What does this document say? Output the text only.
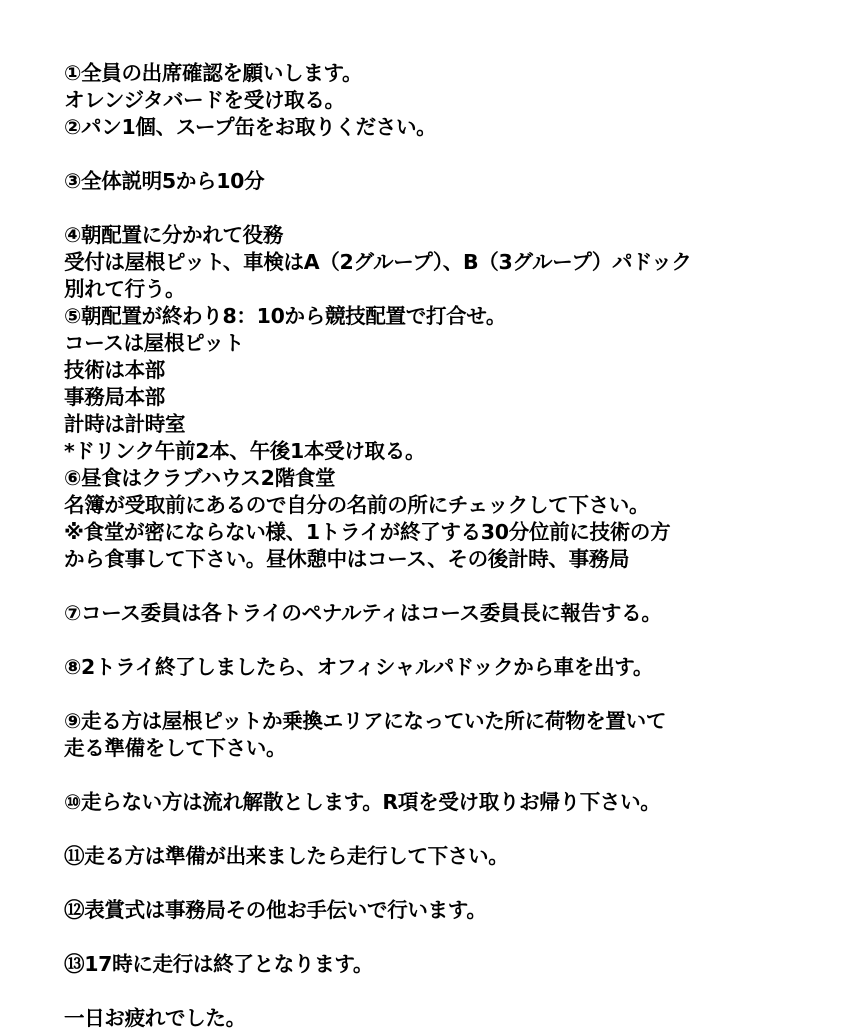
①全員の出席確認を願いします。
オレンジタバードを受け取る。
②パン1個、スープ缶をお取りください。
③全体説明5から10分
④朝配置に分かれて役務
受付は屋根ピット、車検はA（2グループ）、B（3グループ）パドック
別れて行う。
⑤朝配置が終わり8：10から競技配置で打合せ。
コースは屋根ピット
技術は本部
事務局本部
計時は計時室
*ドリンク午前2本、午後1本受け取る。
⑥昼食はクラブハウス2階食堂
名簿が受取前にあるので自分の名前の所にチェックして下さい。
※食堂が密にならない様、1トライが終了する30分位前に技術の方
から食事して下さい。昼休憩中はコース、その後計時、事務局
⑦コース委員は各トライのペナルティはコース委員長に報告する。
⑧2トライ終了しましたら、オフィシャルパドックから車を出す。
⑨走る方は屋根ピットか乗換エリアになっていた所に荷物を置いて
走る準備をして下さい。
⑩走らない方は流れ解散とします。R項を受け取りお帰り下さい。
⑪走る方は準備が出来ましたら走行して下さい。
⑫表賞式は事務局その他お手伝いで行います。
⑬17時に走行は終了となります。
一日お疲れでした。
